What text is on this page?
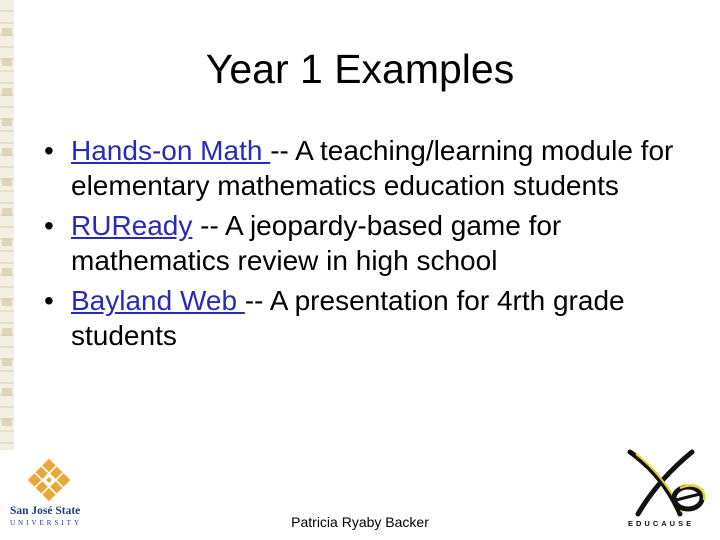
Year 1 Examples
• Hands-on Math -- A teaching/learning module for elementary mathematics education students
• RUReady -- A jeopardy-based game for mathematics review in high school
• Bayland Web -- A presentation for 4rth grade students
San José State
UNIVERSITY	Patricia Ryaby Backer	EDUCAUSE
